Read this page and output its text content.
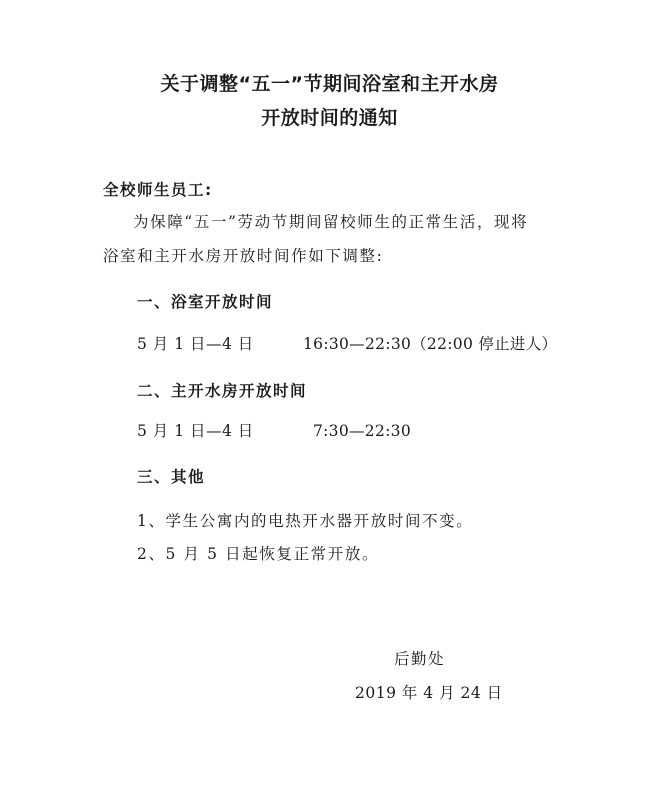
关于调整“五一”节期间浴室和主开水房
开放时间的通知
全校师生员工:
为保障“五一”劳动节期间留校师生的正常生活，现将
浴室和主开水房开放时间作如下调整:
一、浴室开放时间
5 月 1 日—4 日	16:30—22:30（22:00 停止进人）
二、主开水房开放时间
5 月 1 日—4 日	7:30—22:30
三、其他
1、学生公寓内的电热开水器开放时间不变。
2、5 月 5 日起恢复正常开放。
后勤处
2019 年 4 月 24 日
